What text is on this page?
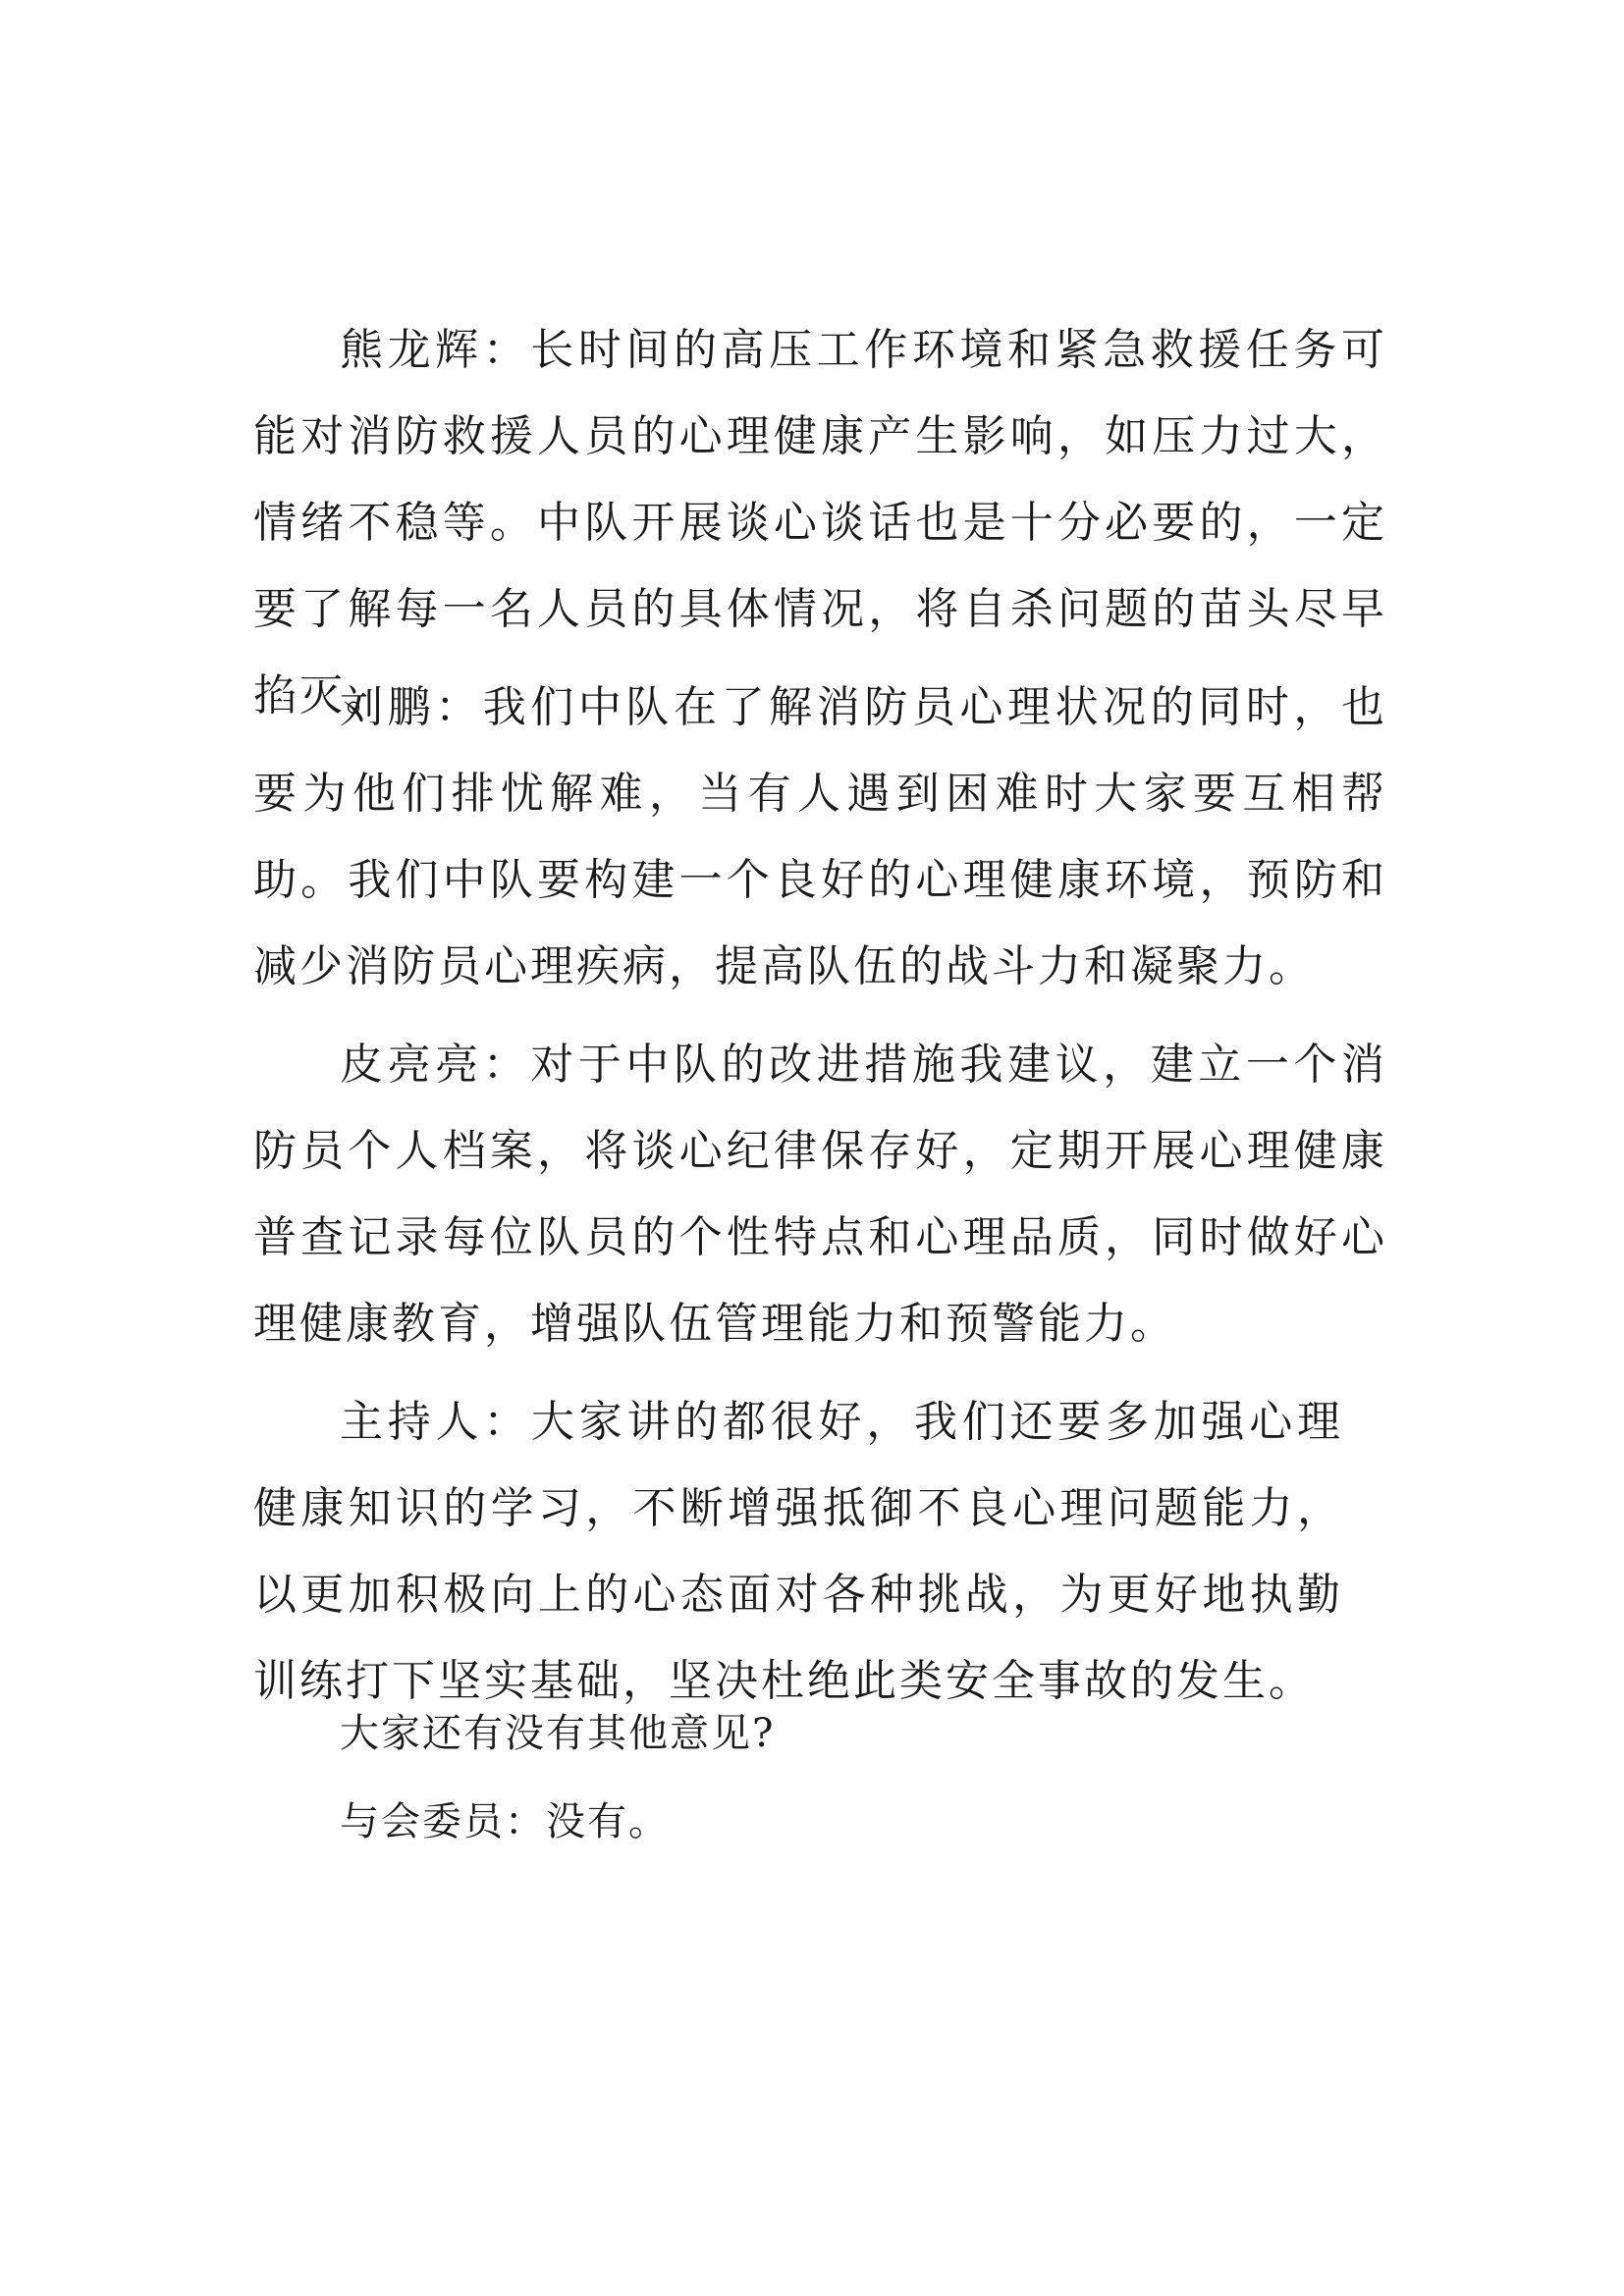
熊龙辉：长时间的高压工作环境和紧急救援任务可能对消防救援人员的心理健康产生影响，如压力过大，情绪不稳等。中队开展谈心谈话也是十分必要的，一定要了解每一名人员的具体情况，将自杀问题的苗头尽早掐灭。

刘鹏：我们中队在了解消防员心理状况的同时，也要为他们排忧解难，当有人遇到困难时大家要互相帮助。我们中队要构建一个良好的心理健康环境，预防和减少消防员心理疾病，提高队伍的战斗力和凝聚力。

皮亮亮：对于中队的改进措施我建议，建立一个消防员个人档案，将谈心纪律保存好，定期开展心理健康普查记录每位队员的个性特点和心理品质，同时做好心理健康教育，增强队伍管理能力和预警能力。

主持人：大家讲的都很好，我们还要多加强心理健康知识的学习，不断增强抵御不良心理问题能力，以更加积极向上的心态面对各种挑战，为更好地执勤训练打下坚实基础，坚决杜绝此类安全事故的发生。

大家还有没有其他意见?

与会委员：没有。
